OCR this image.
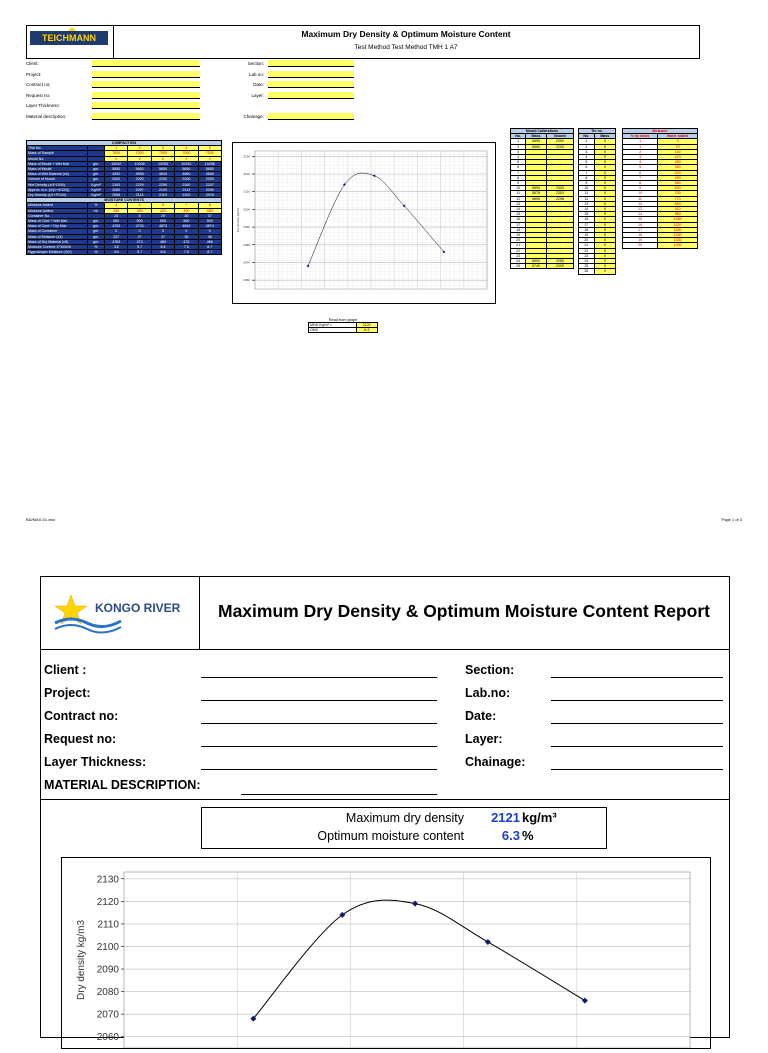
TEICHMANN	Maximum Dry Density & Optimum Moisture Content
Test Method Test Method TMH 1 A7
Client:
Project:
Contract no:
Request no:
Layer Thickness:
Material description:
Section:
Lab.no:
Date:
Layer:
Chainage:
COMPACTION						
Trial No.		1	2	3	4	5
Mass of Sample		7000	7000	7000	7000	7000
Mould No.		2	2	2	2	2
Mass of Mould + Wet Mat.	gm.	10042	10208	10284	10310	10256
Mass of Mould	gm.	5650	5650	5650	5650	5650
Mass of Wet Material (x4)	gm.	4392	4558	4634	4660	4606
Volume of Mould	gm.	2200	2200	2200	2200	2200
Wet Density (x/4*1000)	Kg/m³	2163	2229	2259	2260	2207
Approx. w.c. (4/(1+4/100))	Kg/m³	2080	2097	2120	2112	2090
Dry Density (x/1+P/100)	Kg/m³	2068	2114	2119	2102	2076
MOISTURE CONTENTS						
Moisture Added	%	4	5	6	7	8
Moisture Added	ml.	280	350	420	490	560
Container No.		24	8	29	30	37
Mass of Cont.+ Wet Mat.	gm.	500	500	500	500	500
Mass of Cont.+ Dry Mat.	gm.	4763	4733	4873	4810	4874
Mass of Container	gm.	0	0	0	0	0
Mass of Moisture (x4)	gm.	237	27	37	30	46
Mass of Dry Material (x5)	gm.	4763	473	463	470	466
Moisture Content X*100/x5	%	4.6	5.7	6.6	7.5	8.7
Hygroscopic Moisture (X/X)	%	4.6	5.7	6.6	7.5	8.7
2060
2070
2080
2090
2100
2110
2120
2130
Dry density kg/m3
Read from graph
MDD Kg/m³ =	2121
OMC	6.3
Mould Calibrations		
No.	Mass	Volume
1	5695	2300
2	5650	2200
3		
4		
5		
6		
7		
8		
9		
10	5694	2303
11	5676	2303
12	5695	2298
13		
14		
15		
16		
17		
18		
19		
20		
21		
22		
23		
24	5600	2289
25	5740	2305
Tin no.	
No.	Mass
1	0
2	0
3	0
4	0
5	0
6	0
7	0
8	0
9	0
10	0
11	0
12	0
13	0
14	0
15	0
16	0
17	0
18	0
19	0
20	0
21	0
22	0
23	0
24	0
25	0
26	0
Moisture	
% by mass	Water added
1	0
1	70
2	140
3	210
4	280
5	350
6	420
7	490
8	560
9	630
10	700
11	770
12	840
13	910
14	980
15	1050
16	1120
17	1190
18	1260
19	1330
20	1400
BD/MAX-01.xlsx	Page 1 of 3
KONGO RIVER	Maximum Dry Density & Optimum Moisture Content Report
Client :
Project:
Contract no:
Request no:
Layer Thickness:
MATERIAL DESCRIPTION:
Section:
Lab.no:
Date:
Layer:
Chainage:
Maximum dry density	2121 kg/m³
Optimum moisture content	6.3 %
2060
2070
2080
2090
2100
2110
2120
2130
Dry density kg/m3
